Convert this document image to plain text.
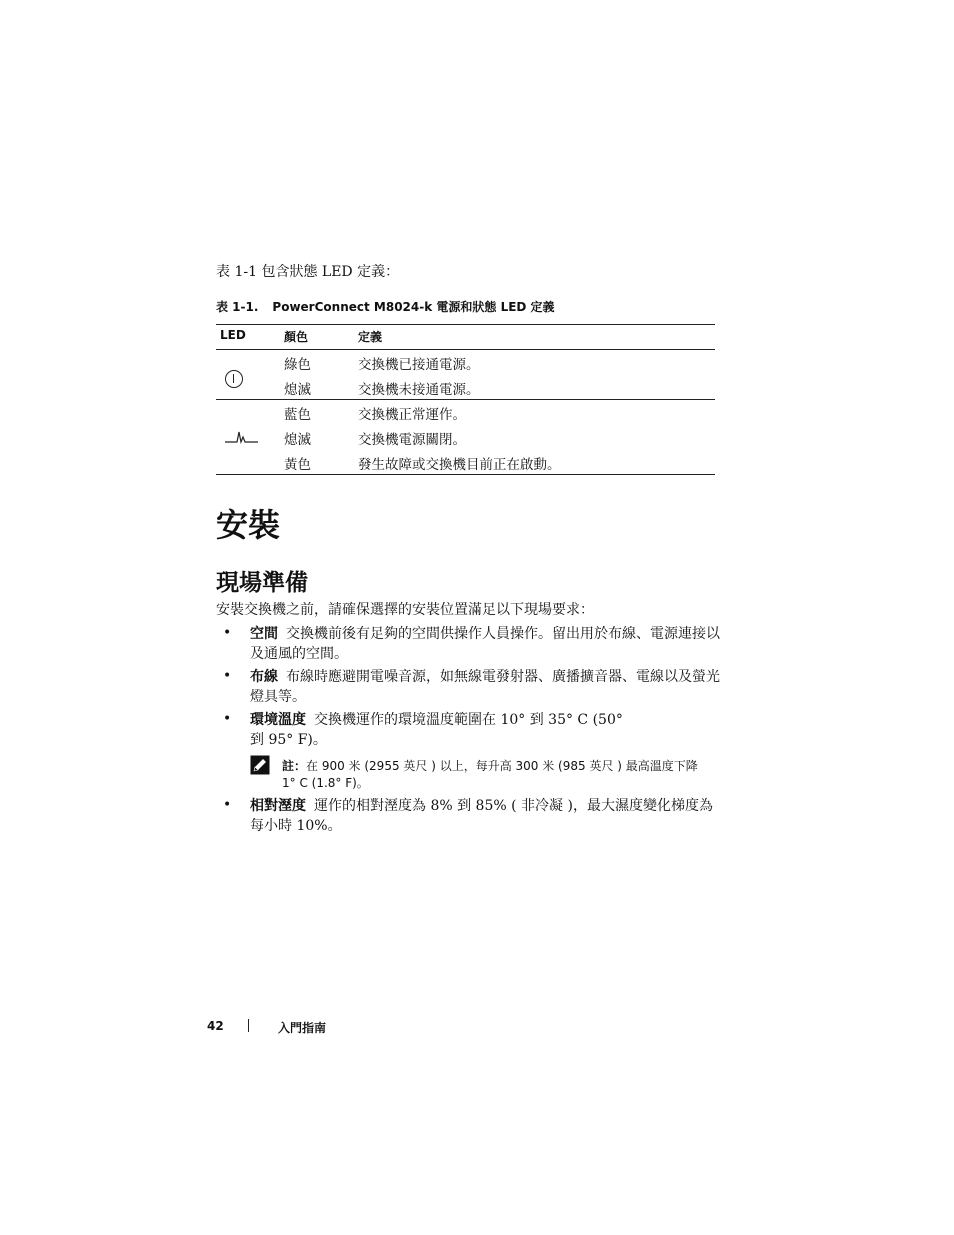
表 1-1 包含狀態 LED 定義：
表 1-1. PowerConnect M8024-k 電源和狀態 LED 定義
LED	顏色	定義
綠色	交換機已接通電源。
熄滅	交換機未接通電源。
藍色	交換機正常運作。
熄滅	交換機電源關閉。
黃色	發生故障或交換機目前正在啟動。
安裝
現場準備
安裝交換機之前，請確保選擇的安裝位置滿足以下現場要求：
• 空間 交換機前後有足夠的空間供操作人員操作。留出用於布線、電源連接以及通風的空間。
• 布線 布線時應避開電噪音源，如無線電發射器、廣播擴音器、電線以及螢光燈具等。
• 環境溫度 交換機運作的環境溫度範圍在 10° 到 35° C (50° 到 95° F)。
註：在 900 米 (2955 英尺 ) 以上，每升高 300 米 (985 英尺 ) 最高溫度下降 1° C (1.8° F)。
• 相對溼度 運作的相對溼度為 8% 到 85% ( 非冷凝 )，最大濕度變化梯度為每小時 10%。
42	入門指南
